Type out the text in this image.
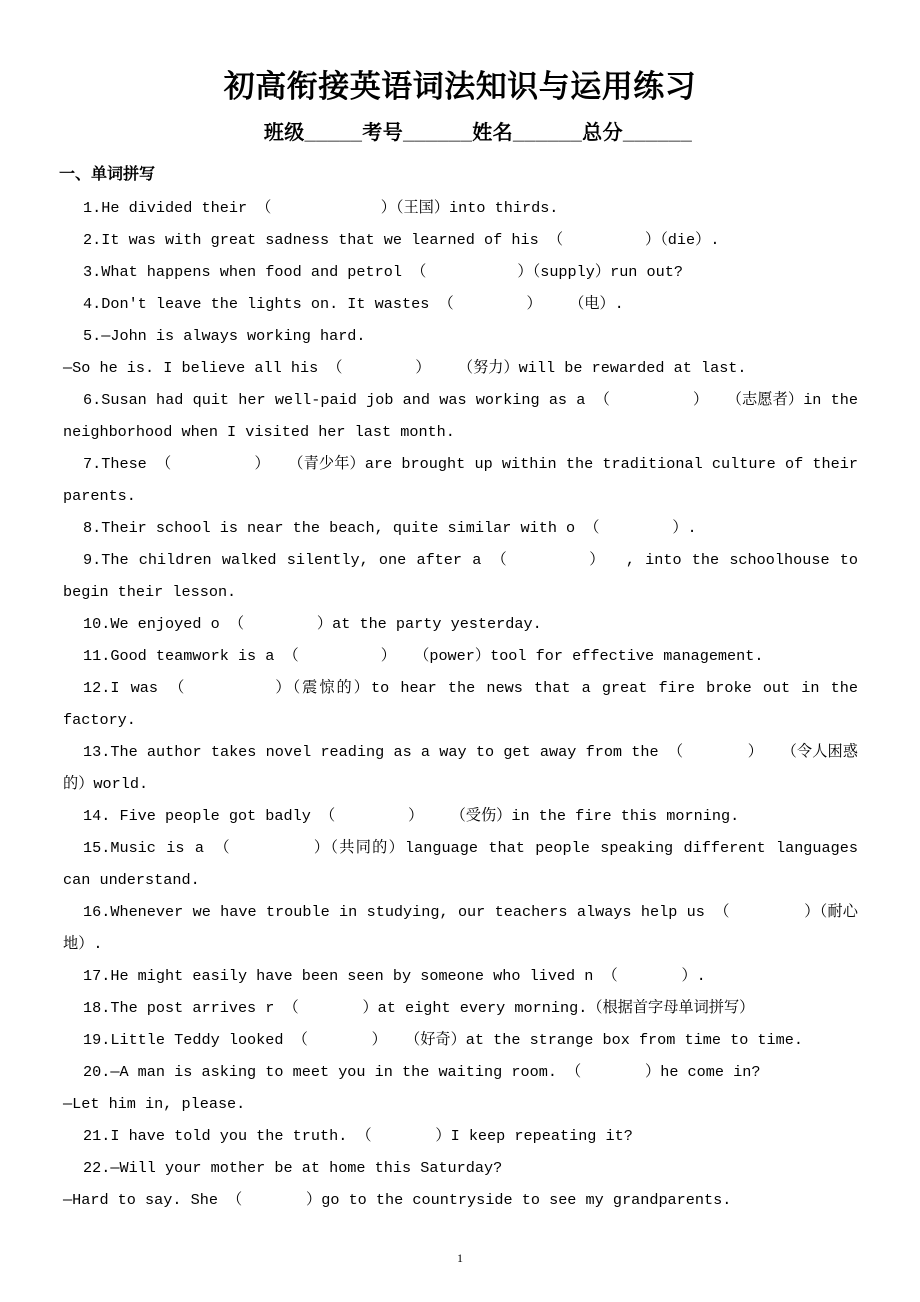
初高衔接英语词法知识与运用练习
班级_____考号______姓名______总分______
一、单词拼写

1.He divided their （            ）（王国）into thirds.

2.It was with great sadness that we learned of his （         ）（die）.

3.What happens when food and petrol （          ）（supply）run out?

4.Don't leave the lights on. It wastes （        ）   （电）.

5.—John is always working hard.

—So he is. I believe all his （        ）   （努力）will be rewarded at last.

6.Susan had quit her well-paid job and was working as a （         ）  （志愿者）in the neighborhood when I visited her last month.

7.These （         ）  （青少年）are brought up within the traditional culture of their parents.

8.Their school is near the beach, quite similar with o （        ）.

9.The children walked silently, one after a （        ）  , into the schoolhouse to begin their lesson.

10.We enjoyed o （        ）at the party yesterday.

11.Good teamwork is a （         ）  （power）tool for effective management.

12.I was （        ）（震惊的）to hear the news that a great fire broke out in the factory.

13.The author takes novel reading as a way to get away from the （       ）  （令人困惑的）world.

14. Five people got badly （        ）   （受伤）in the fire this morning.

15.Music is a （        ）（共同的）language that people speaking different languages can understand.

16.Whenever we have trouble in studying, our teachers always help us （        ）（耐心地）.

17.He might easily have been seen by someone who lived n （       ）.

18.The post arrives r （       ）at eight every morning.（根据首字母单词拼写）

19.Little Teddy looked （       ）  （好奇）at the strange box from time to time.

20.—A man is asking to meet you in the waiting room. （       ）he come in?

—Let him in, please.

21.I have told you the truth. （       ）I keep repeating it?

22.—Will your mother be at home this Saturday?

—Hard to say. She （       ）go to the countryside to see my grandparents.

1
